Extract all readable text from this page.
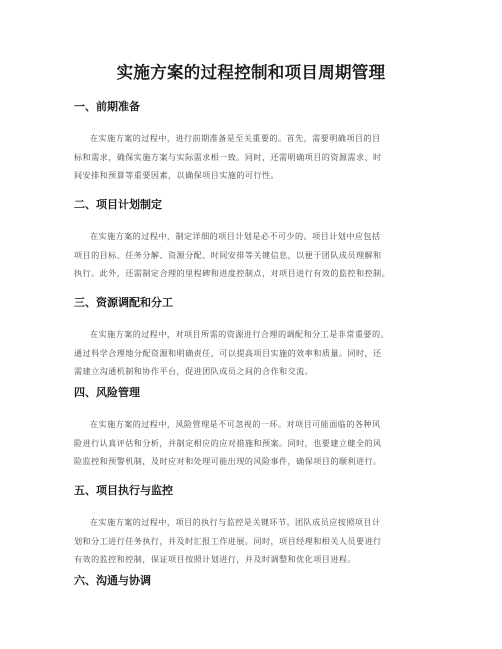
实施方案的过程控制和项目周期管理
一、前期准备
在实施方案的过程中，进行前期准备是至关重要的。首先，需要明确项目的目
标和需求，确保实施方案与实际需求相一致。同时，还需明确项目的资源需求、时
间安排和预算等重要因素，以确保项目实施的可行性。
二、项目计划制定
在实施方案的过程中，制定详细的项目计划是必不可少的。项目计划中应包括
项目的目标、任务分解、资源分配、时间安排等关键信息，以便于团队成员理解和
执行。此外，还需制定合理的里程碑和进度控制点，对项目进行有效的监控和控制。
三、资源调配和分工
在实施方案的过程中，对项目所需的资源进行合理的调配和分工是非常重要的。
通过科学合理地分配资源和明确责任，可以提高项目实施的效率和质量。同时，还
需建立沟通机制和协作平台，促进团队成员之间的合作和交流。
四、风险管理
在实施方案的过程中，风险管理是不可忽视的一环。对项目可能面临的各种风
险进行认真评估和分析，并制定相应的应对措施和预案。同时，也要建立健全的风
险监控和预警机制，及时应对和处理可能出现的风险事件，确保项目的顺利进行。
五、项目执行与监控
在实施方案的过程中，项目的执行与监控是关键环节。团队成员应按照项目计
划和分工进行任务执行，并及时汇报工作进展。同时，项目经理和相关人员要进行
有效的监控和控制，保证项目按照计划进行，并及时调整和优化项目进程。
六、沟通与协调
